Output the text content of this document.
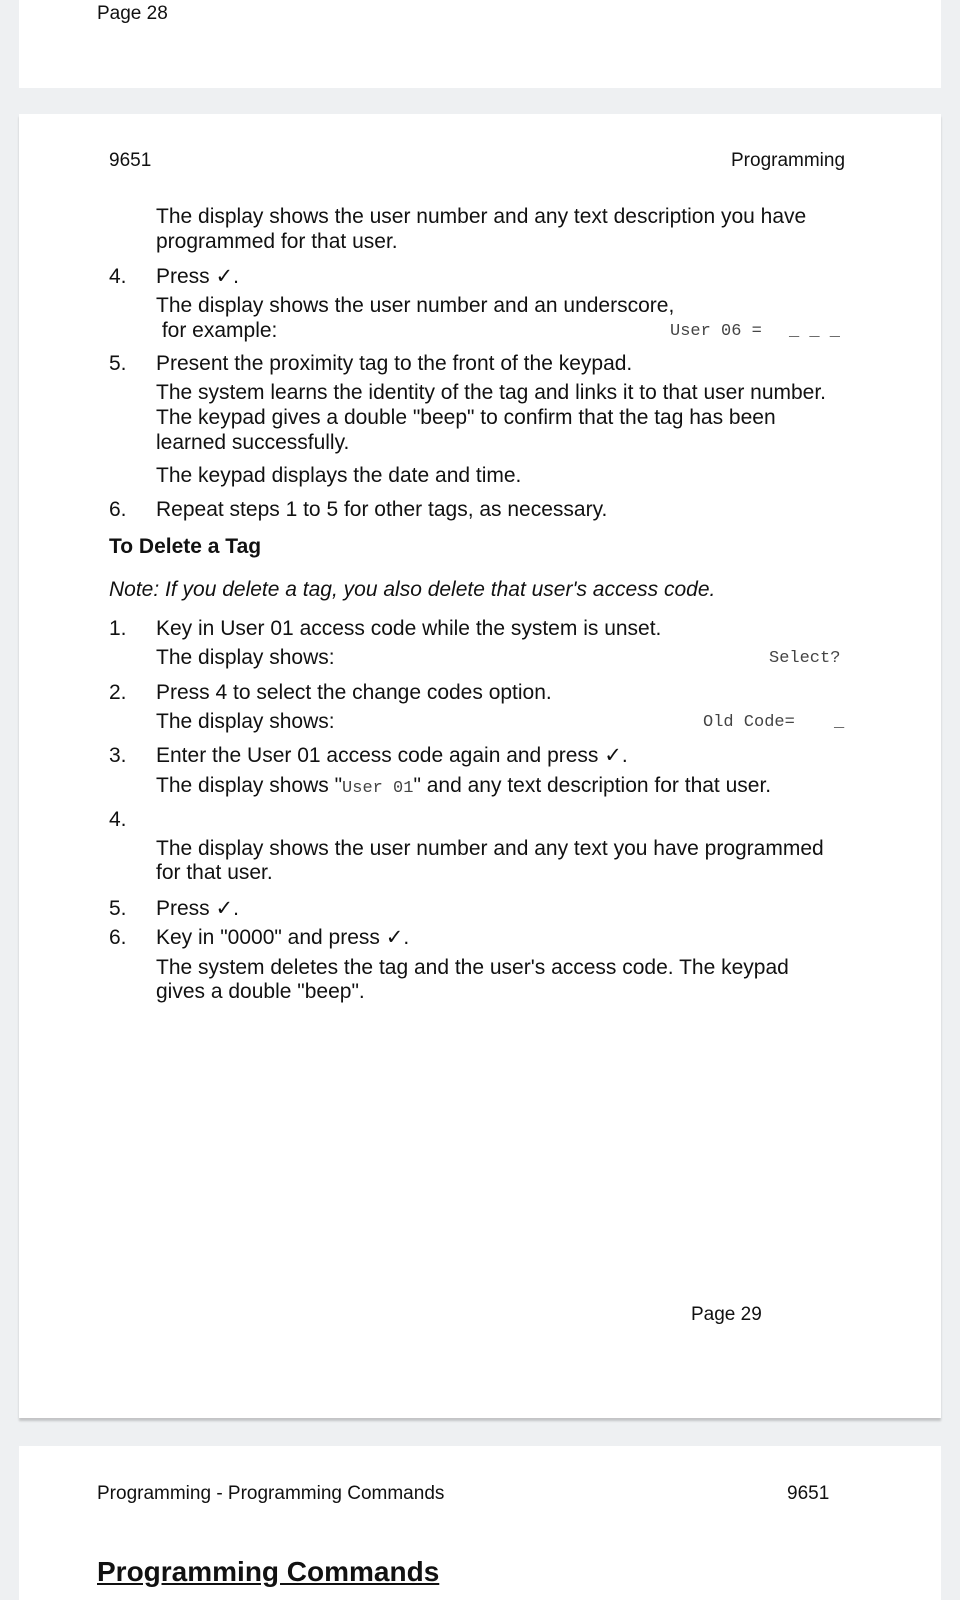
Page 28
9651	Programming
The display shows the user number and any text description you have
programmed for that user.
4. Press ✓.
The display shows the user number and an underscore,
for example:	User 06 = _ _ _
5. Present the proximity tag to the front of the keypad.
The system learns the identity of the tag and links it to that user number.
The keypad gives a double "beep" to confirm that the tag has been
learned successfully.
The keypad displays the date and time.
6. Repeat steps 1 to 5 for other tags, as necessary.
To Delete a Tag
Note: If you delete a tag, you also delete that user's access code.
1. Key in User 01 access code while the system is unset.
The display shows:	Select?
2. Press 4 to select the change codes option.
The display shows:	Old Code= _
3. Enter the User 01 access code again and press ✓.
The display shows "User 01" and any text description for that user.
4.
The display shows the user number and any text you have programmed
for that user.
5. Press ✓.
6. Key in "0000" and press ✓.
The system deletes the tag and the user's access code. The keypad
gives a double "beep".
Page 29
Programming - Programming Commands	9651
Programming Commands
